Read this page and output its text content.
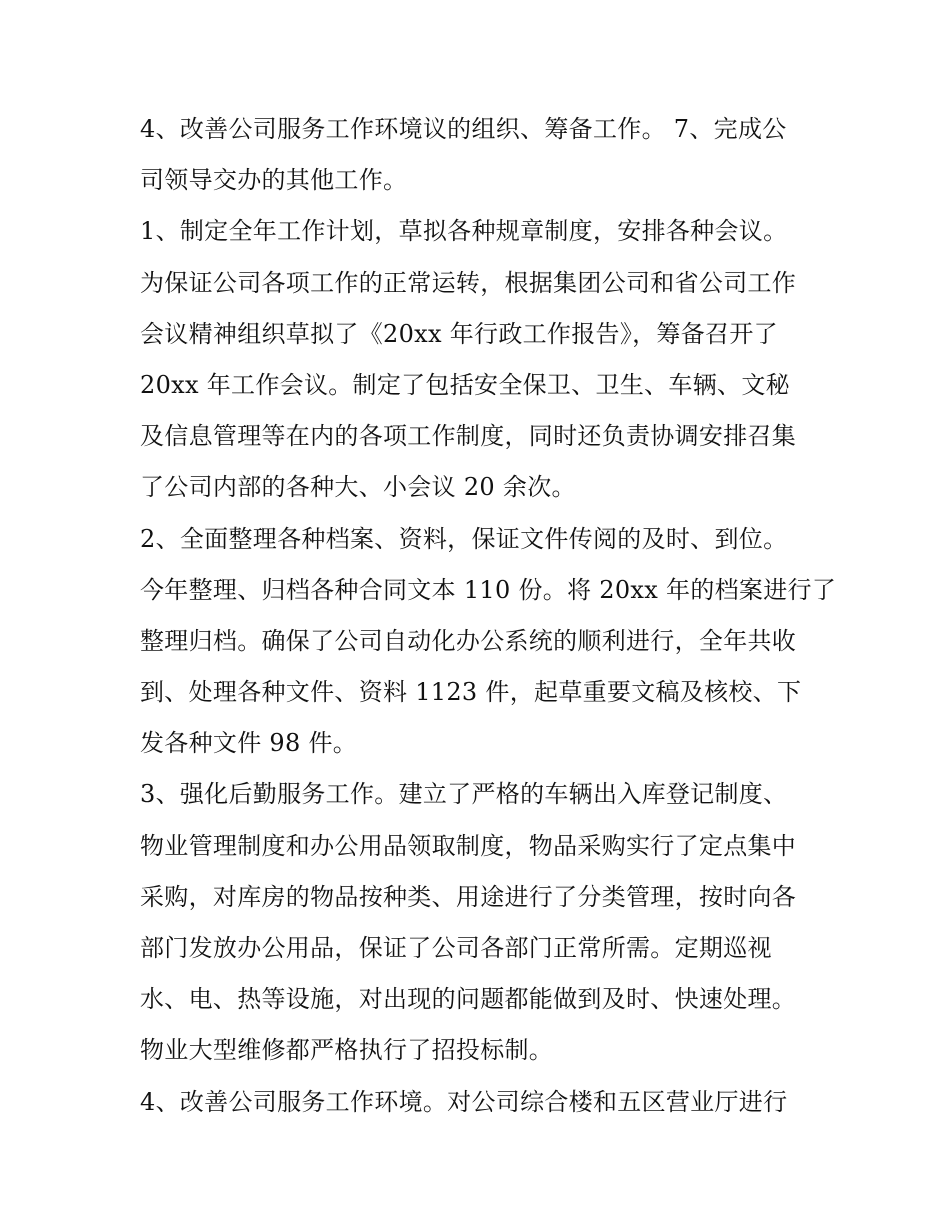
4、改善公司服务工作环境议的组织、筹备工作。 7、完成公
司领导交办的其他工作。
1、制定全年工作计划，草拟各种规章制度，安排各种会议。
为保证公司各项工作的正常运转，根据集团公司和省公司工作
会议精神组织草拟了《20xx 年行政工作报告》，筹备召开了
20xx 年工作会议。制定了包括安全保卫、卫生、车辆、文秘
及信息管理等在内的各项工作制度，同时还负责协调安排召集
了公司内部的各种大、小会议 20 余次。
2、全面整理各种档案、资料，保证文件传阅的及时、到位。
今年整理、归档各种合同文本 110 份。将 20xx 年的档案进行了
整理归档。确保了公司自动化办公系统的顺利进行，全年共收
到、处理各种文件、资料 1123 件，起草重要文稿及核校、下
发各种文件 98 件。
3、强化后勤服务工作。建立了严格的车辆出入库登记制度、
物业管理制度和办公用品领取制度，物品采购实行了定点集中
采购，对库房的物品按种类、用途进行了分类管理，按时向各
部门发放办公用品，保证了公司各部门正常所需。定期巡视
水、电、热等设施，对出现的问题都能做到及时、快速处理。
物业大型维修都严格执行了招投标制。
4、改善公司服务工作环境。对公司综合楼和五区营业厅进行
